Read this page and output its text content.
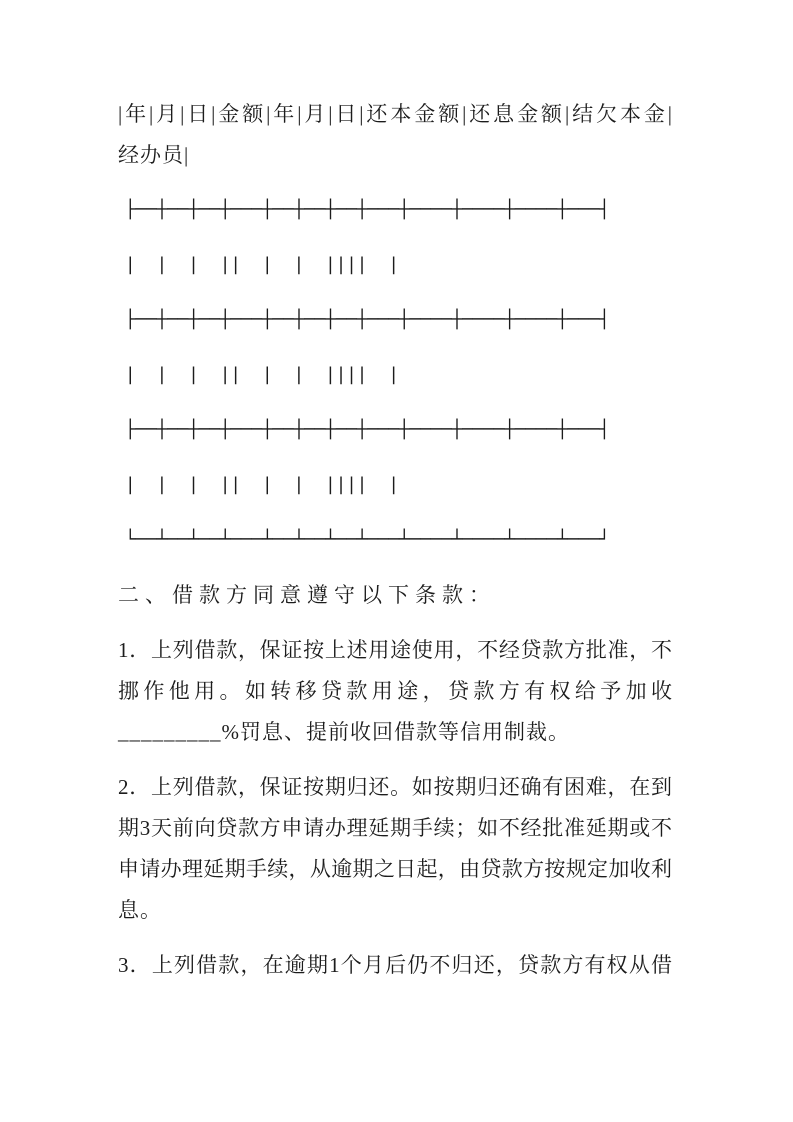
|年|月|日|金额|年|月|日|还本金额|还息金额|结欠本金|
经办员|
├──┼──┼──┼───┼──┼──┼──┼───┼────┼────┼────┼───┤
|  |  |  ||  |  |  ||||  |
├──┼──┼──┼───┼──┼──┼──┼───┼────┼────┼────┼───┤
|  |  |  ||  |  |  ||||  |
├──┼──┼──┼───┼──┼──┼──┼───┼────┼────┼────┼───┤
|  |  |  ||  |  |  ||||  |
└──┴──┴──┴───┴──┴──┴──┴───┴────┴────┴────┴───┘
二、借款方同意遵守以下条款：
1．上列借款，保证按上述用途使用，不经贷款方批准，不
挪作他用。如转移贷款用途，贷款方有权给予加收
_________%罚息、提前收回借款等信用制裁。
2．上列借款，保证按期归还。如按期归还确有困难，在到
期3天前向贷款方申请办理延期手续；如不经批准延期或不
申请办理延期手续，从逾期之日起，由贷款方按规定加收利
息。
3．上列借款，在逾期1个月后仍不归还，贷款方有权从借
